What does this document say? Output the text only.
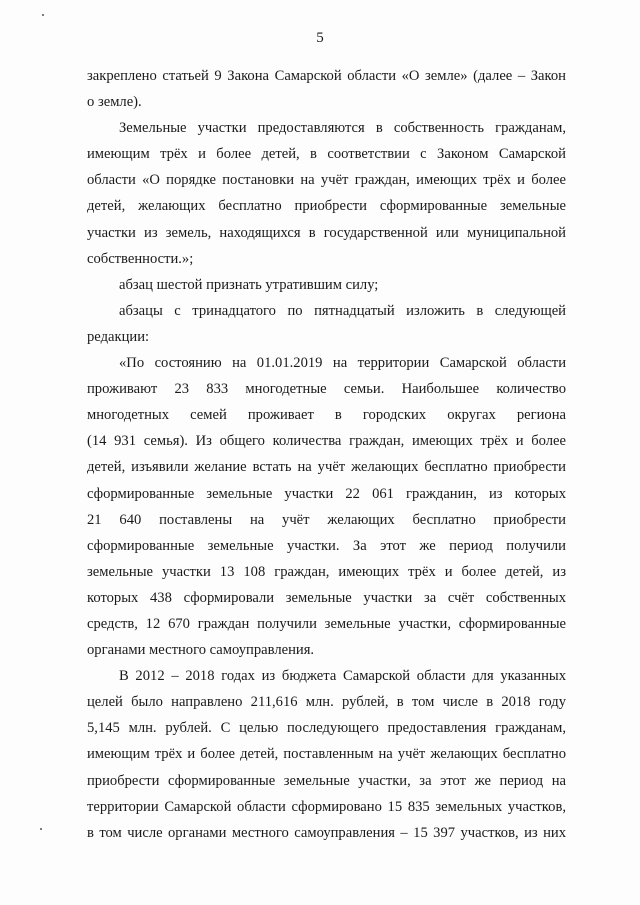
5
закреплено статьей 9 Закона Самарской области «О земле» (далее – Закон
о земле).
Земельные участки предоставляются в собственность гражданам,
имеющим трёх и более детей, в соответствии с Законом Самарской
области «О порядке постановки на учёт граждан, имеющих трёх и более
детей, желающих бесплатно приобрести сформированные земельные
участки из земель, находящихся в государственной или муниципальной
собственности.»;
абзац шестой признать утратившим силу;
абзацы с тринадцатого по пятнадцатый изложить в следующей
редакции:
«По состоянию на 01.01.2019 на территории Самарской области
проживают 23 833 многодетные семьи. Наибольшее количество
многодетных семей проживает в городских округах региона
(14 931 семья). Из общего количества граждан, имеющих трёх и более
детей, изъявили желание встать на учёт желающих бесплатно приобрести
сформированные земельные участки 22 061 гражданин, из которых
21 640 поставлены на учёт желающих бесплатно приобрести
сформированные земельные участки. За этот же период получили
земельные участки 13 108 граждан, имеющих трёх и более детей, из
которых 438 сформировали земельные участки за счёт собственных
средств, 12 670 граждан получили земельные участки, сформированные
органами местного самоуправления.
В 2012 – 2018 годах из бюджета Самарской области для указанных
целей было направлено 211,616 млн. рублей, в том числе в 2018 году
5,145 млн. рублей. С целью последующего предоставления гражданам,
имеющим трёх и более детей, поставленным на учёт желающих бесплатно
приобрести сформированные земельные участки, за этот же период на
территории Самарской области сформировано 15 835 земельных участков,
в том числе органами местного самоуправления – 15 397 участков, из них
